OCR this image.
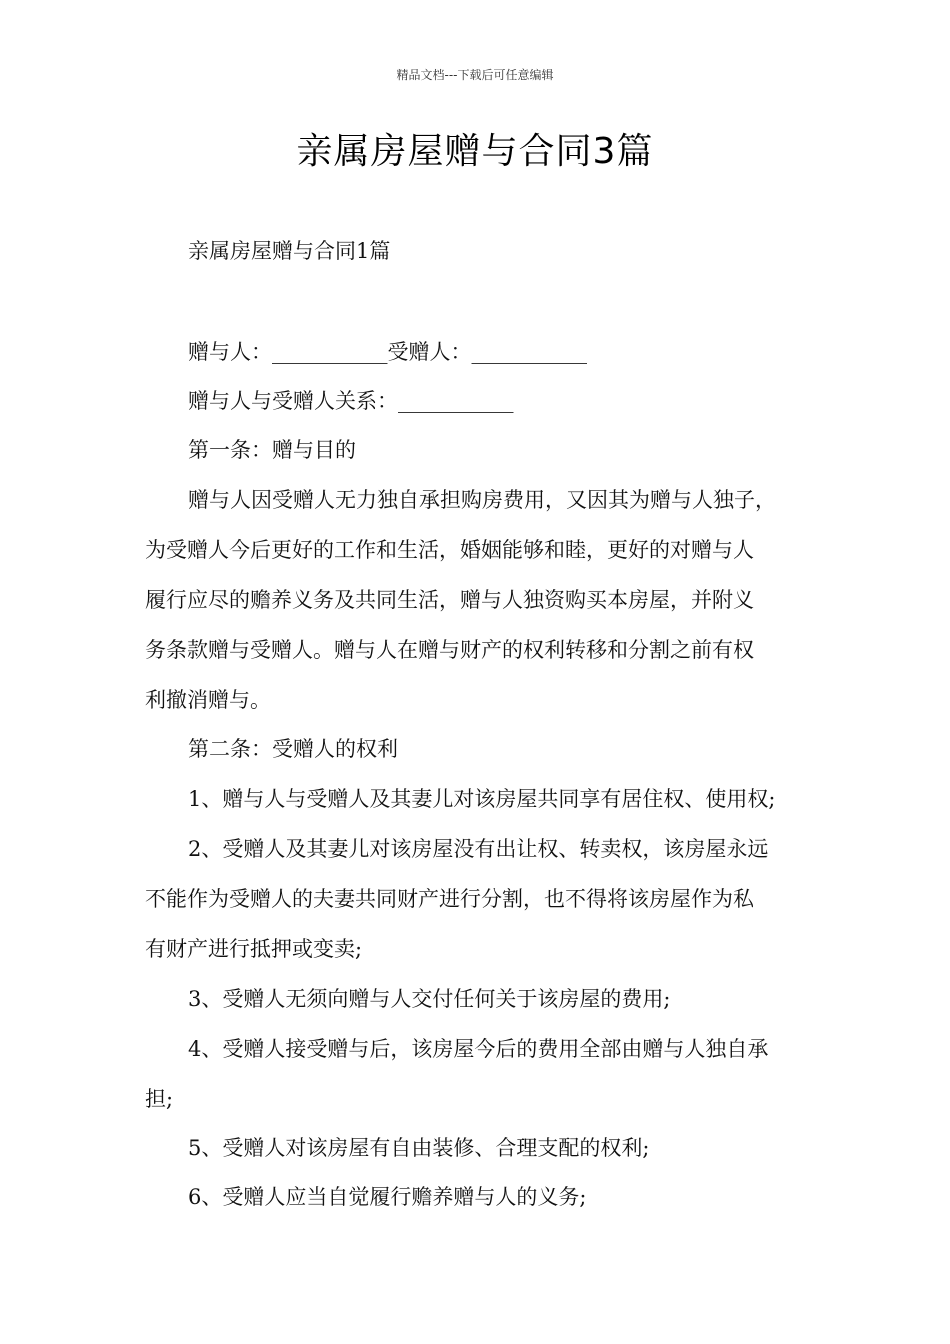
精品文档---下载后可任意编辑
亲属房屋赠与合同3篇
亲属房屋赠与合同1篇
赠与人：___________受赠人：___________
赠与人与受赠人关系：___________
第一条：赠与目的
赠与人因受赠人无力独自承担购房费用，又因其为赠与人独子，
为受赠人今后更好的工作和生活，婚姻能够和睦，更好的对赠与人
履行应尽的赡养义务及共同生活，赠与人独资购买本房屋，并附义
务条款赠与受赠人。赠与人在赠与财产的权利转移和分割之前有权
利撤消赠与。
第二条：受赠人的权利
1、赠与人与受赠人及其妻儿对该房屋共同享有居住权、使用权;
2、受赠人及其妻儿对该房屋没有出让权、转卖权，该房屋永远
不能作为受赠人的夫妻共同财产进行分割，也不得将该房屋作为私
有财产进行抵押或变卖;
3、受赠人无须向赠与人交付任何关于该房屋的费用;
4、受赠人接受赠与后，该房屋今后的费用全部由赠与人独自承
担;
5、受赠人对该房屋有自由装修、合理支配的权利;
6、受赠人应当自觉履行赡养赠与人的义务;
